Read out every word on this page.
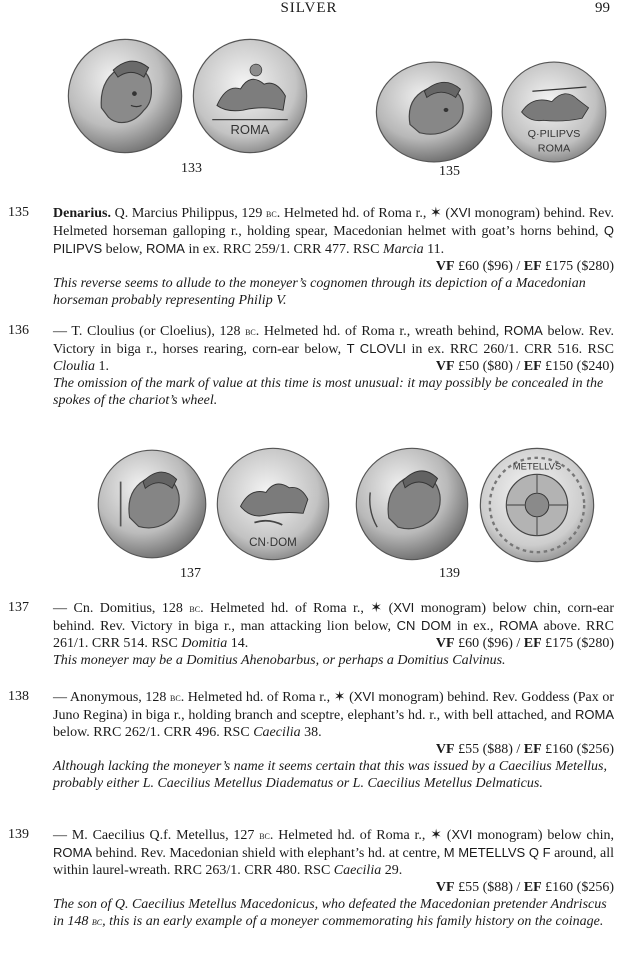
SILVER	99
ROMA
133
Q·PILIPVS
ROMA
135
135 Denarius. Q. Marcius Philippus, 129 bc. Helmeted hd. of Roma r., ✶ (XVI monogram) behind. Rev. Helmeted horseman galloping r., holding spear, Macedonian helmet with goat’s horns behind, Q PILIPVS below, ROMA in ex. RRC 259/1. CRR 477. RSC Marcia 11.

VF £60 ($96) / EF £175 ($280)

This reverse seems to allude to the moneyer’s cognomen through its depiction of a Macedonian horseman probably representing Philip V.

136 — T. Cloulius (or Cloelius), 128 bc. Helmeted hd. of Roma r., wreath behind, ROMA below. Rev. Victory in biga r., horses rearing, corn-ear below, T CLOVLI in ex. RRC 260/1. CRR 516. RSC Cloulia 1.	VF £50 ($80) / EF £150 ($240)

The omission of the mark of value at this time is most unusual: it may possibly be concealed in the spokes of the chariot’s wheel.

CN·DOM
137
METELLVS
139
137 — Cn. Domitius, 128 bc. Helmeted hd. of Roma r., ✶ (XVI monogram) below chin, corn-ear behind. Rev. Victory in biga r., man attacking lion below, CN DOM in ex., ROMA above. RRC 261/1. CRR 514. RSC Domitia 14.	VF £60 ($96) / EF £175 ($280)

This moneyer may be a Domitius Ahenobarbus, or perhaps a Domitius Calvinus.

138 — Anonymous, 128 bc. Helmeted hd. of Roma r., ✶ (XVI monogram) behind. Rev. Goddess (Pax or Juno Regina) in biga r., holding branch and sceptre, elephant’s hd. r., with bell attached, and ROMA below. RRC 262/1. CRR 496. RSC Caecilia 38.

VF £55 ($88) / EF £160 ($256)

Although lacking the moneyer’s name it seems certain that this was issued by a Caecilius Metellus, probably either L. Caecilius Metellus Diadematus or L. Caecilius Metellus Delmaticus.

139 — M. Caecilius Q.f. Metellus, 127 bc. Helmeted hd. of Roma r., ✶ (XVI monogram) below chin, ROMA behind. Rev. Macedonian shield with elephant’s hd. at centre, M METELLVS Q F around, all within laurel-wreath. RRC 263/1. CRR 480. RSC Caecilia 29.

VF £55 ($88) / EF £160 ($256)

The son of Q. Caecilius Metellus Macedonicus, who defeated the Macedonian pretender Andriscus in 148 bc, this is an early example of a moneyer commemorating his family history on the coinage.
